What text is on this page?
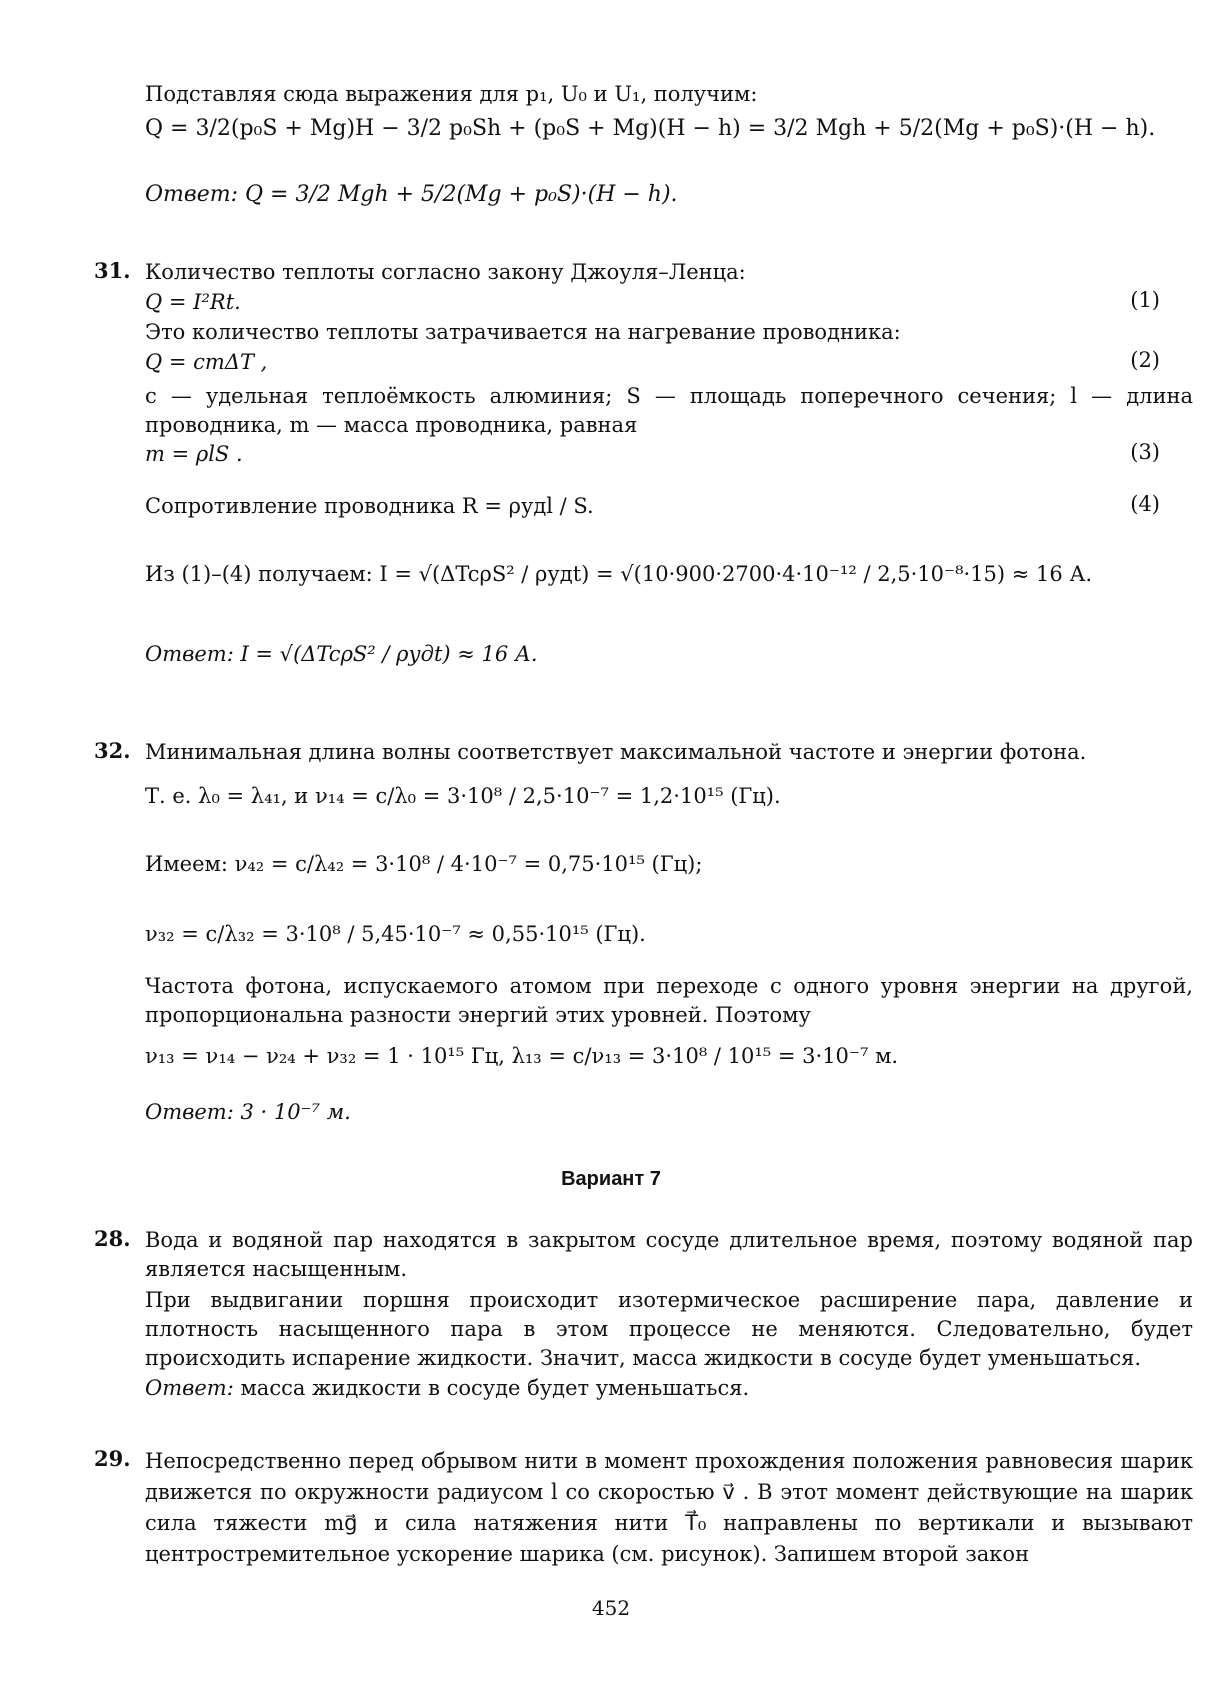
Подставляя сюда выражения для p₁, U₀ и U₁, получим:
Q = 3/2(p₀S + Mg)H − 3/2 p₀Sh + (p₀S + Mg)(H − h) = 3/2 Mgh + 5/2(Mg + p₀S)·(H − h).
Ответ: Q = 3/2 Mgh + 5/2(Mg + p₀S)·(H − h).
31. Количество теплоты согласно закону Джоуля–Ленца:
Q = I²Rt.	(1)
Это количество теплоты затрачивается на нагревание проводника:
Q = cmΔT ,	(2)
c — удельная теплоёмкость алюминия; S — площадь поперечного сечения; l — длина проводника, m — масса проводника, равная
m = ρlS .	(3)
Сопротивление проводника R = ρудl / S.	(4)
Из (1)–(4) получаем: I = √(ΔTcρS² / ρудt) = √(10·900·2700·4·10⁻¹² / 2,5·10⁻⁸·15) ≈ 16 А.
Ответ: I = √(ΔTcρS² / ρудt) ≈ 16 А.
32. Минимальная длина волны соответствует максимальной частоте и энергии фотона.
Т. е. λ₀ = λ₄₁, и ν₁₄ = c/λ₀ = 3·10⁸ / 2,5·10⁻⁷ = 1,2·10¹⁵ (Гц).
Имеем: ν₄₂ = c/λ₄₂ = 3·10⁸ / 4·10⁻⁷ = 0,75·10¹⁵ (Гц);
ν₃₂ = c/λ₃₂ = 3·10⁸ / 5,45·10⁻⁷ ≈ 0,55·10¹⁵ (Гц).
Частота фотона, испускаемого атомом при переходе с одного уровня энергии на другой, пропорциональна разности энергий этих уровней. Поэтому
ν₁₃ = ν₁₄ − ν₂₄ + ν₃₂ = 1 · 10¹⁵ Гц, λ₁₃ = c/ν₁₃ = 3·10⁸ / 10¹⁵ = 3·10⁻⁷ м.
Ответ: 3 · 10⁻⁷ м.
Вариант 7
28. Вода и водяной пар находятся в закрытом сосуде длительное время, поэтому водяной пар является насыщенным.
При выдвигании поршня происходит изотермическое расширение пара, давление и плотность насыщенного пара в этом процессе не меняются. Следовательно, будет происходить испарение жидкости. Значит, масса жидкости в сосуде будет уменьшаться.
Ответ: масса жидкости в сосуде будет уменьшаться.
29. Непосредственно перед обрывом нити в момент прохождения положения равновесия шарик движется по окружности радиусом l со скоростью v⃗ . В этот момент действующие на шарик сила тяжести mg⃗ и сила натяжения нити T⃗₀ направлены по вертикали и вызывают центростремительное ускорение шарика (см. рисунок). Запишем второй закон
452
